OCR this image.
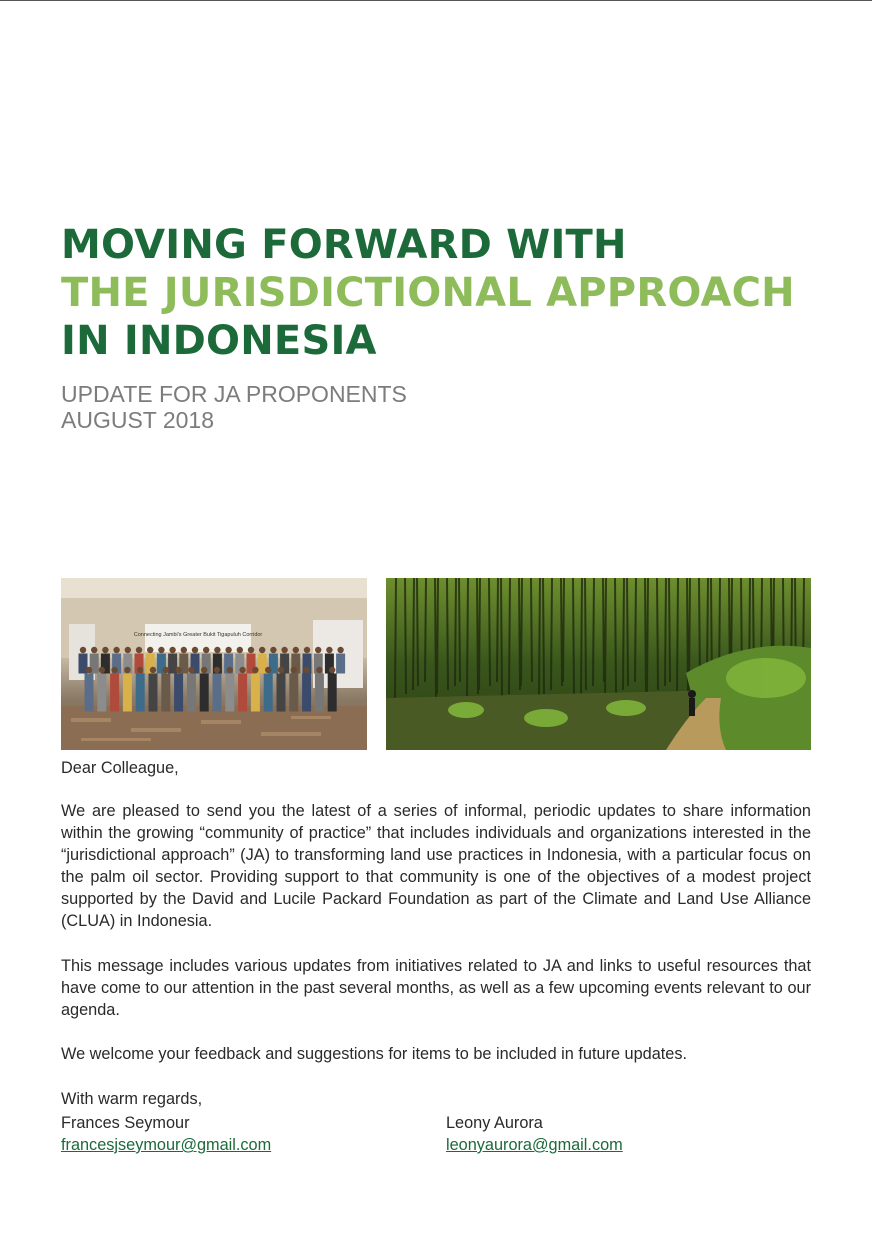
MOVING FORWARD WITH
THE JURISDICTIONAL APPROACH
IN INDONESIA
UPDATE FOR JA PROPONENTS
AUGUST 2018
Connecting Jambi's Greater Bukit Tigapuluh Corridor

Dear Colleague,

We are pleased to send you the latest of a series of informal, periodic updates to share information within the growing “community of practice” that includes individuals and organizations interested in the “jurisdictional approach” (JA) to transforming land use practices in Indonesia, with a particular focus on the palm oil sector. Providing support to that community is one of the objectives of a modest project supported by the David and Lucile Packard Foundation as part of the Climate and Land Use Alliance (CLUA) in Indonesia.

This message includes various updates from initiatives related to JA and links to useful resources that have come to our attention in the past several months, as well as a few upcoming events relevant to our agenda.

We welcome your feedback and suggestions for items to be included in future updates.

With warm regards,

Frances Seymour
francesjseymour@gmail.com
Leony Aurora
leonyaurora@gmail.com
